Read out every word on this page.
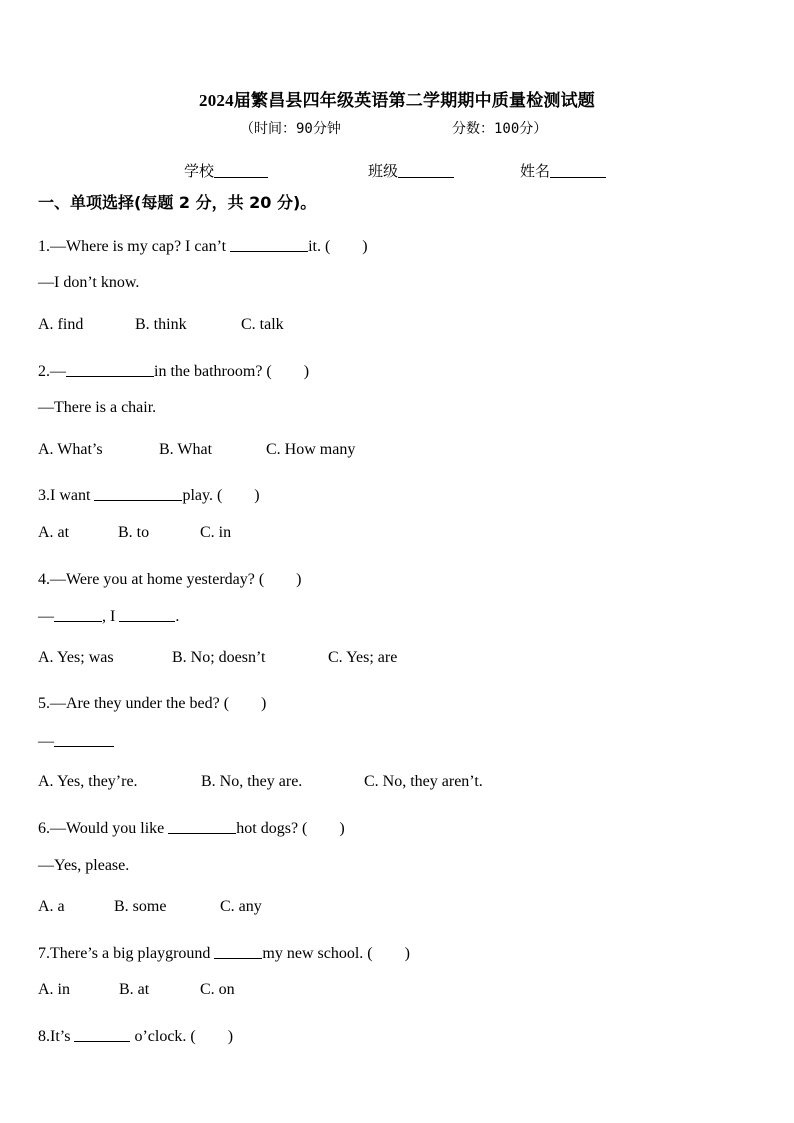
2024届繁昌县四年级英语第二学期期中质量检测试题
（时间：90分钟	分数：100分）
学校	班级	姓名
一、单项选择(每题 2 分，共 20 分)。
1.—Where is my cap? I can’t	it. (　　)
—I don’t know.
A. find	B. think	C. talk
2.—	in the bathroom? (　　)
—There is a chair.
A. What’s	B. What	C. How many
3.I want	play. (　　)
A. at	B. to	C. in
4.—Were you at home yesterday? (　　)
—	, I	.
A. Yes; was	B. No; doesn’t	C. Yes; are
5.—Are they under the bed? (　　)
—
A. Yes, they’re.	B. No, they are.	C. No, they aren’t.
6.—Would you like	hot dogs? (　　)
—Yes, please.
A. a	B. some	C. any
7.There’s a big playground	my new school. (　　)
A. in	B. at	C. on
8.It’s	o’clock. (　　)
